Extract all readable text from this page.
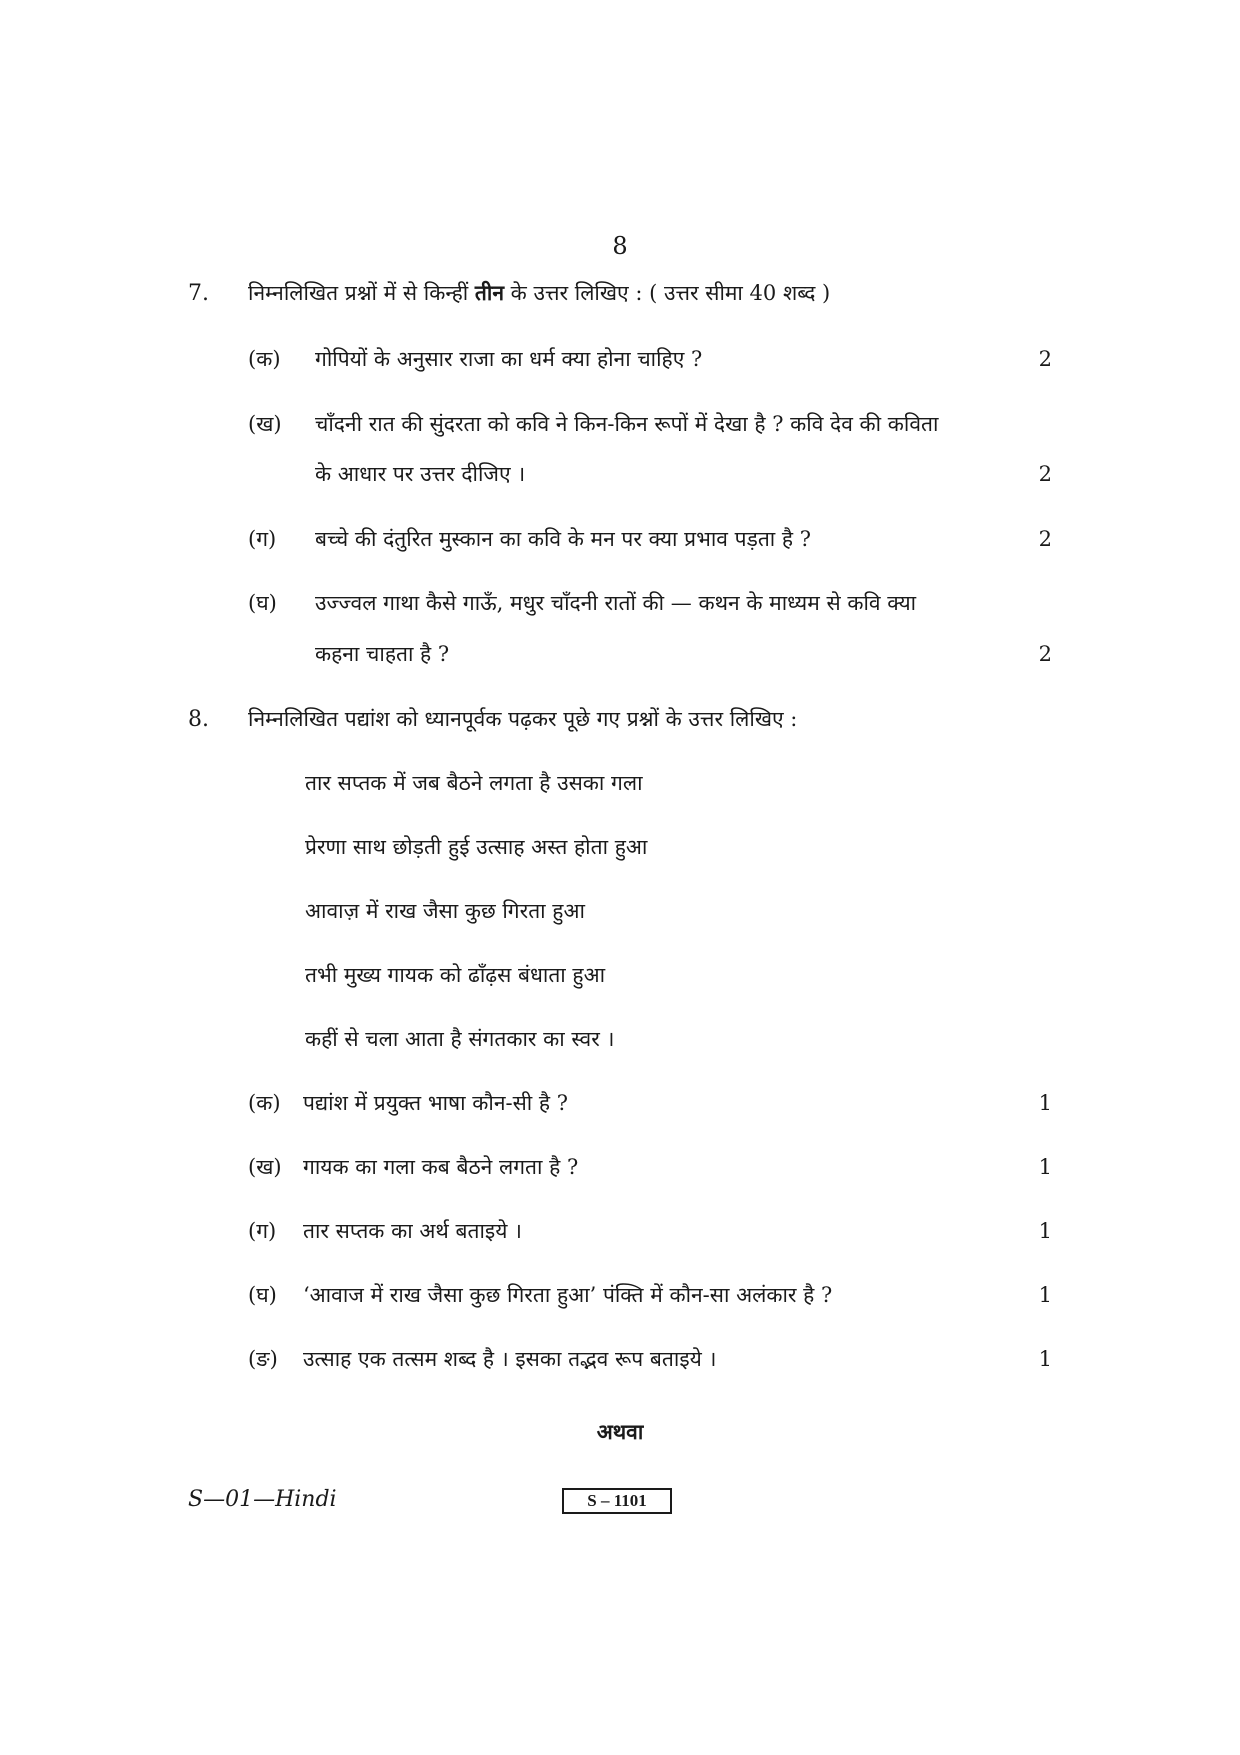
8
7. निम्नलिखित प्रश्नों में से किन्हीं तीन के उत्तर लिखिए : ( उत्तर सीमा 40 शब्द )
(क) गोपियों के अनुसार राजा का धर्म क्या होना चाहिए ?	2
(ख) चाँदनी रात की सुंदरता को कवि ने किन-किन रूपों में देखा है ? कवि देव की कविता
के आधार पर उत्तर दीजिए ।	2
(ग) बच्चे की दंतुरित मुस्कान का कवि के मन पर क्या प्रभाव पड़ता है ?	2
(घ) उज्ज्वल गाथा कैसे गाऊँ, मधुर चाँदनी रातों की — कथन के माध्यम से कवि क्या
कहना चाहता है ?	2
8. निम्नलिखित पद्यांश को ध्यानपूर्वक पढ़कर पूछे गए प्रश्नों के उत्तर लिखिए :
तार सप्तक में जब बैठने लगता है उसका गला
प्रेरणा साथ छोड़ती हुई उत्साह अस्त होता हुआ
आवाज़ में राख जैसा कुछ गिरता हुआ
तभी मुख्य गायक को ढाँढ़स बंधाता हुआ
कहीं से चला आता है संगतकार का स्वर ।
(क) पद्यांश में प्रयुक्त भाषा कौन-सी है ?	1
(ख) गायक का गला कब बैठने लगता है ?	1
(ग) तार सप्तक का अर्थ बताइये ।	1
(घ) ‘आवाज में राख जैसा कुछ गिरता हुआ’ पंक्ति में कौन-सा अलंकार है ?	1
(ङ) उत्साह एक तत्सम शब्द है । इसका तद्भव रूप बताइये ।	1
अथवा
S—01—Hindi	S – 1101
